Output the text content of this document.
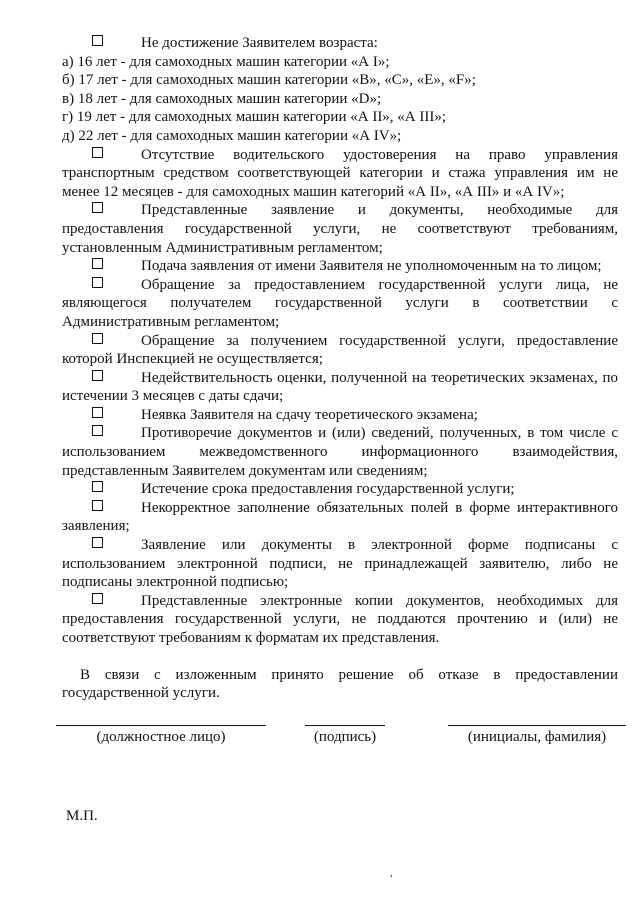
Не достижение Заявителем возраста:
а) 16 лет - для самоходных машин категории «А I»;
б) 17 лет - для самоходных машин категории «В», «С», «Е», «F»;
в) 18 лет - для самоходных машин категории «D»;
г) 19 лет - для самоходных машин категории «А II», «А III»;
д) 22 лет - для самоходных машин категории «А IV»;

Отсутствие водительского удостоверения на право управления транспортным средством соответствующей категории и стажа управления им не менее 12 месяцев - для самоходных машин категорий «А II», «А III» и «А IV»;

Представленные заявление и документы, необходимые для предоставления государственной услуги, не соответствуют требованиям, установленным Административным регламентом;

Подача заявления от имени Заявителя не уполномоченным на то лицом;

Обращение за предоставлением государственной услуги лица, не являющегося получателем государственной услуги в соответствии с Административным регламентом;

Обращение за получением государственной услуги, предоставление которой Инспекцией не осуществляется;

Недействительность оценки, полученной на теоретических экзаменах, по истечении 3 месяцев с даты сдачи;

Неявка Заявителя на сдачу теоретического экзамена;

Противоречие документов и (или) сведений, полученных, в том числе с использованием межведомственного информационного взаимодействия, представленным Заявителем документам или сведениям;

Истечение срока предоставления государственной услуги;

Некорректное заполнение обязательных полей в форме интерактивного заявления;

Заявление или документы в электронной форме подписаны с использованием электронной подписи, не принадлежащей заявителю, либо не подписаны электронной подписью;

Представленные электронные копии документов, необходимых для предоставления государственной услуги, не поддаются прочтению и (или) не соответствуют требованиям к форматам их представления.

В связи с изложенным принято решение об отказе в предоставлении государственной услуги.

(должностное лицо)	(подпись)	(инициалы, фамилия)
М.П.
,
